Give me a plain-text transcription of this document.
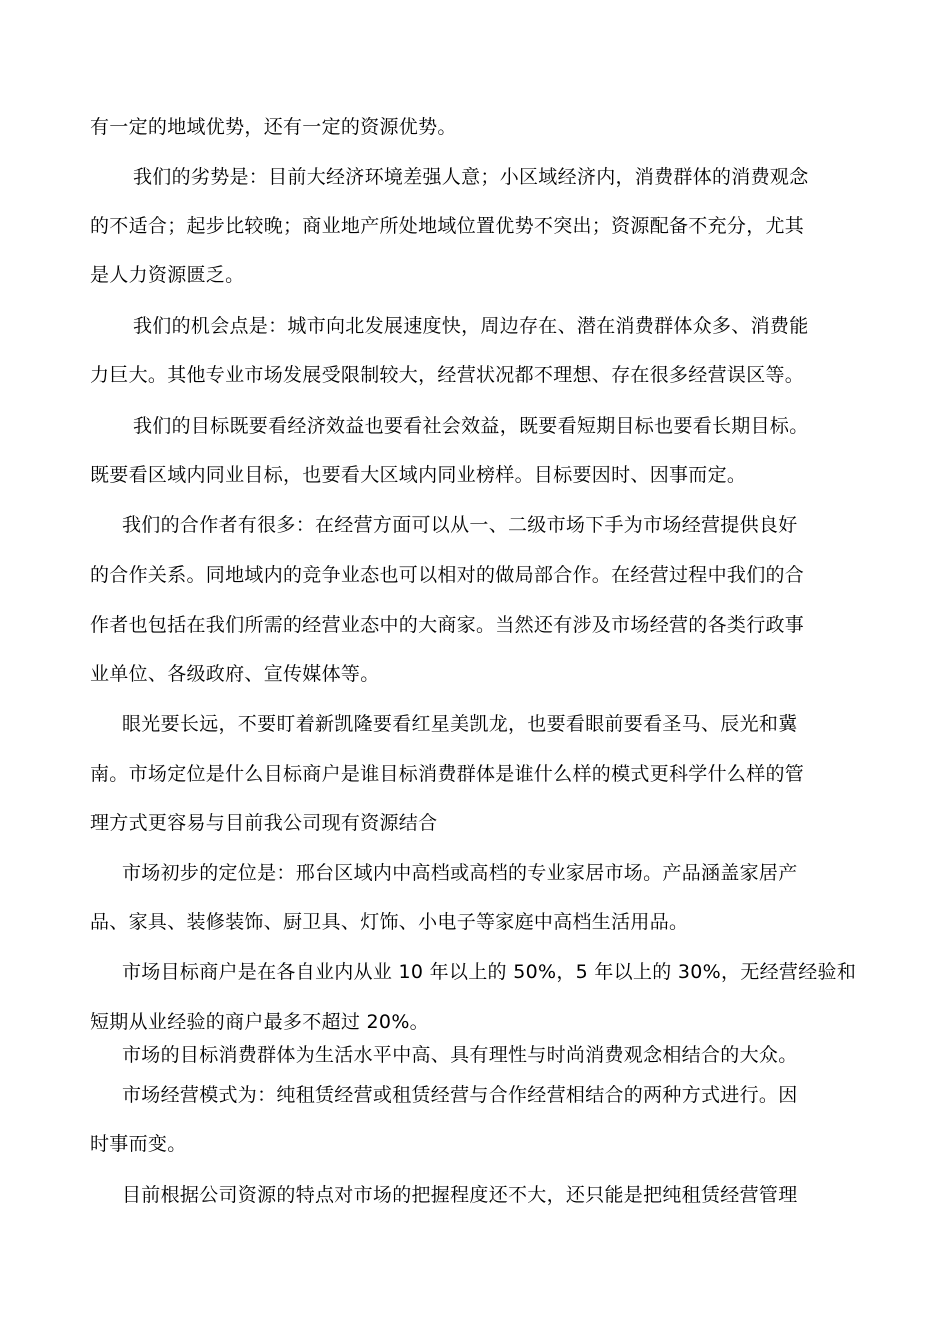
有一定的地域优势，还有一定的资源优势。
我们的劣势是：目前大经济环境差强人意；小区域经济内，消费群体的消费观念
的不适合；起步比较晚；商业地产所处地域位置优势不突出；资源配备不充分，尤其
是人力资源匮乏。
我们的机会点是：城市向北发展速度快，周边存在、潜在消费群体众多、消费能
力巨大。其他专业市场发展受限制较大，经营状况都不理想、存在很多经营误区等。
我们的目标既要看经济效益也要看社会效益，既要看短期目标也要看长期目标。
既要看区域内同业目标，也要看大区域内同业榜样。目标要因时、因事而定。
我们的合作者有很多：在经营方面可以从一、二级市场下手为市场经营提供良好
的合作关系。同地域内的竞争业态也可以相对的做局部合作。在经营过程中我们的合
作者也包括在我们所需的经营业态中的大商家。当然还有涉及市场经营的各类行政事
业单位、各级政府、宣传媒体等。
眼光要长远，不要盯着新凯隆要看红星美凯龙，也要看眼前要看圣马、辰光和冀
南。市场定位是什么目标商户是谁目标消费群体是谁什么样的模式更科学什么样的管
理方式更容易与目前我公司现有资源结合
市场初步的定位是：邢台区域内中高档或高档的专业家居市场。产品涵盖家居产
品、家具、装修装饰、厨卫具、灯饰、小电子等家庭中高档生活用品。
市场目标商户是在各自业内从业 10 年以上的 50%，5 年以上的 30%，无经营经验和
短期从业经验的商户最多不超过 20%。
市场的目标消费群体为生活水平中高、具有理性与时尚消费观念相结合的大众。
市场经营模式为：纯租赁经营或租赁经营与合作经营相结合的两种方式进行。因
时事而变。
目前根据公司资源的特点对市场的把握程度还不大，还只能是把纯租赁经营管理
